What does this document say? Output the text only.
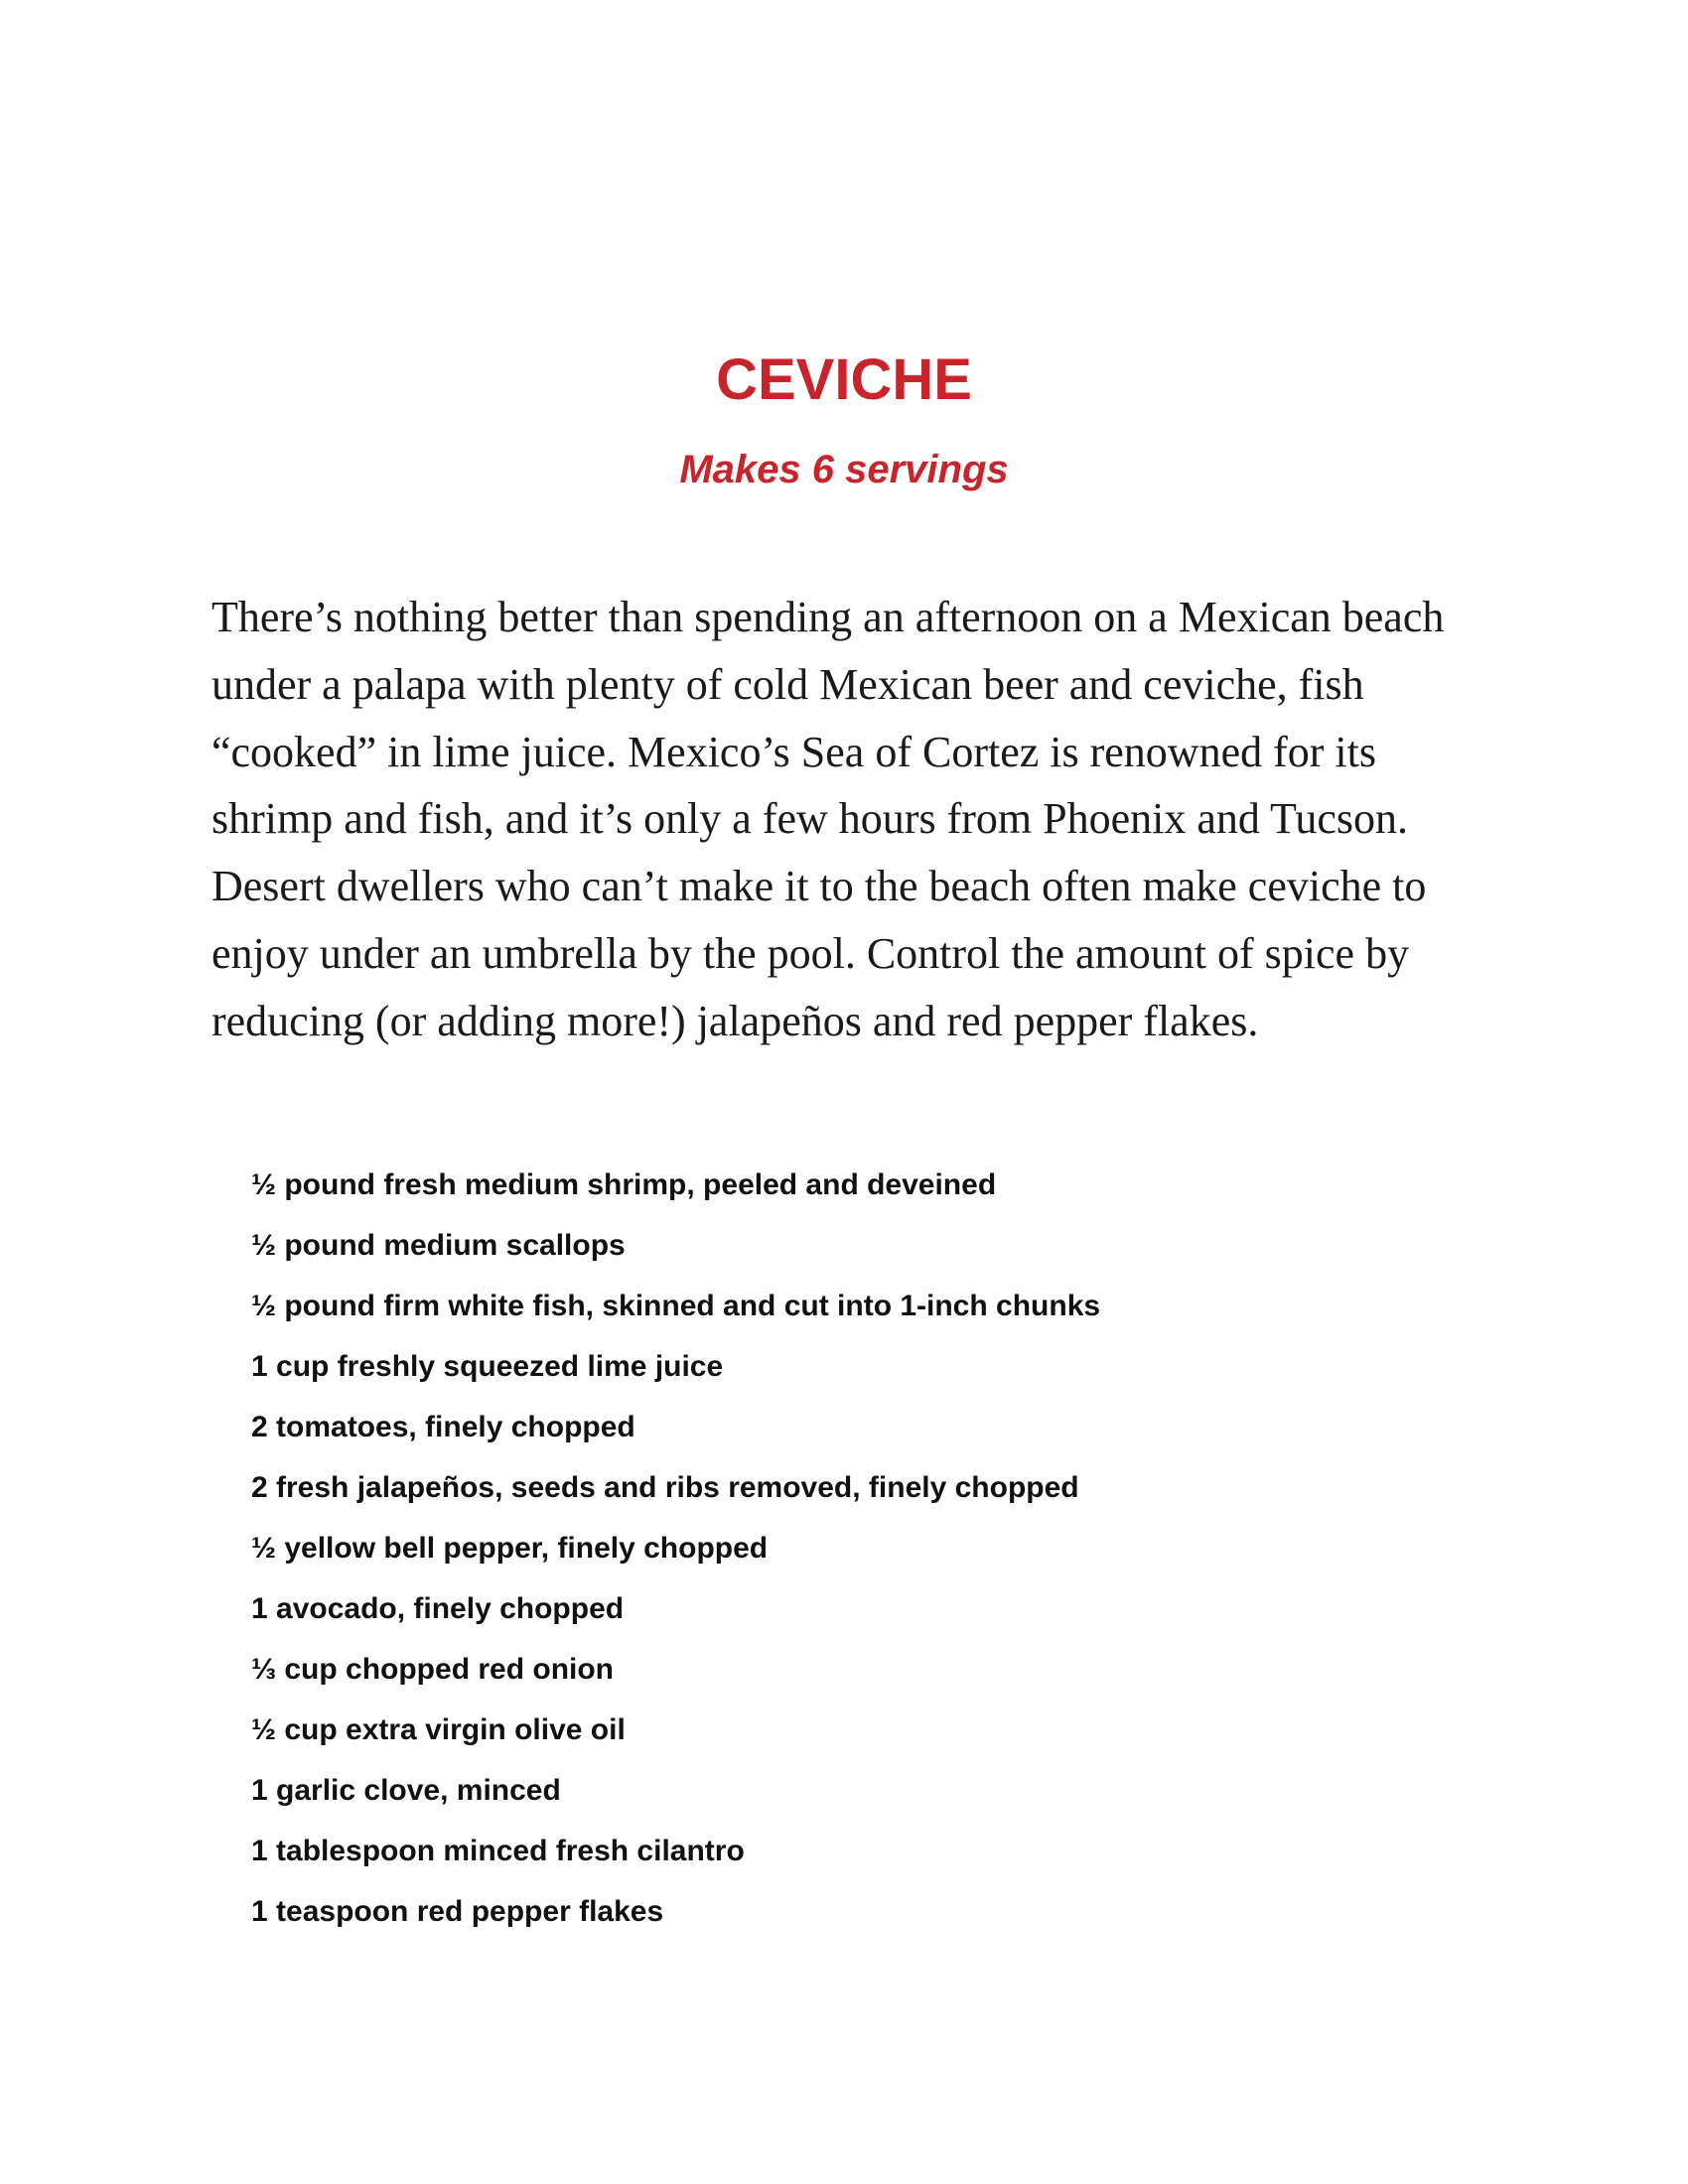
CEVICHE
Makes 6 servings

There’s nothing better than spending an afternoon on a Mexican beach under a palapa with plenty of cold Mexican beer and ceviche, fish “cooked” in lime juice. Mexico’s Sea of Cortez is renowned for its shrimp and fish, and it’s only a few hours from Phoenix and Tucson. Desert dwellers who can’t make it to the beach often make ceviche to enjoy under an umbrella by the pool. Control the amount of spice by reducing (or adding more!) jalapeños and red pepper flakes.

½ pound fresh medium shrimp, peeled and deveined
½ pound medium scallops
½ pound firm white fish, skinned and cut into 1-inch chunks
1 cup freshly squeezed lime juice
2 tomatoes, finely chopped
2 fresh jalapeños, seeds and ribs removed, finely chopped
½ yellow bell pepper, finely chopped
1 avocado, finely chopped
⅓ cup chopped red onion
½ cup extra virgin olive oil
1 garlic clove, minced
1 tablespoon minced fresh cilantro
1 teaspoon red pepper flakes
